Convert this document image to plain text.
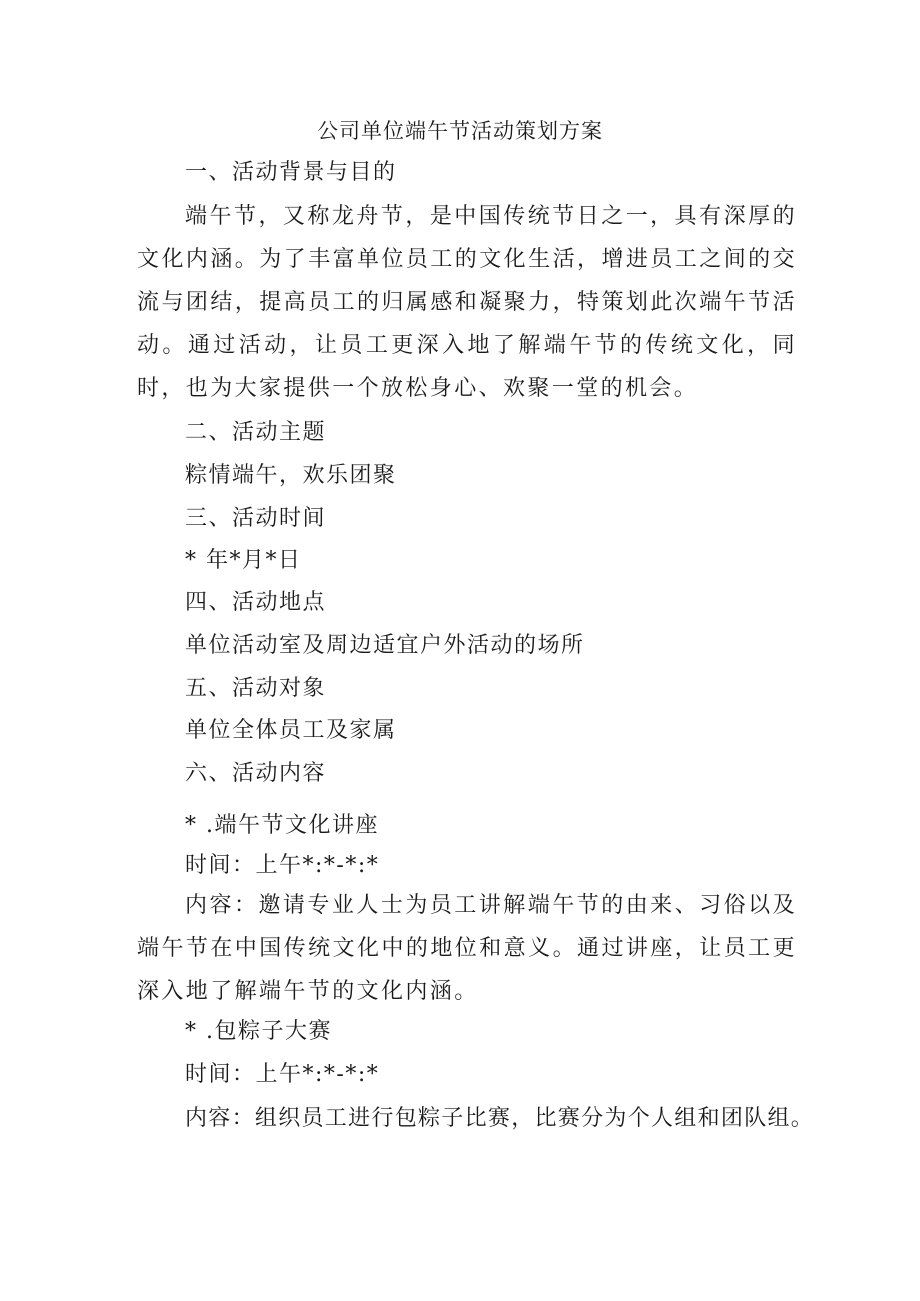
公司单位端午节活动策划方案
一、活动背景与目的
端午节，又称龙舟节，是中国传统节日之一，具有深厚的文化内涵。为了丰富单位员工的文化生活，增进员工之间的交流与团结，提高员工的归属感和凝聚力，特策划此次端午节活动。通过活动，让员工更深入地了解端午节的传统文化，同时，也为大家提供一个放松身心、欢聚一堂的机会。
二、活动主题
粽情端午，欢乐团聚
三、活动时间
* 年*月*日
四、活动地点
单位活动室及周边适宜户外活动的场所
五、活动对象
单位全体员工及家属
六、活动内容
* .端午节文化讲座
时间：上午*:*-*:*
内容：邀请专业人士为员工讲解端午节的由来、习俗以及端午节在中国传统文化中的地位和意义。通过讲座，让员工更深入地了解端午节的文化内涵。
* .包粽子大赛
时间：上午*:*-*:*
内容：组织员工进行包粽子比赛，比赛分为个人组和团队组。
